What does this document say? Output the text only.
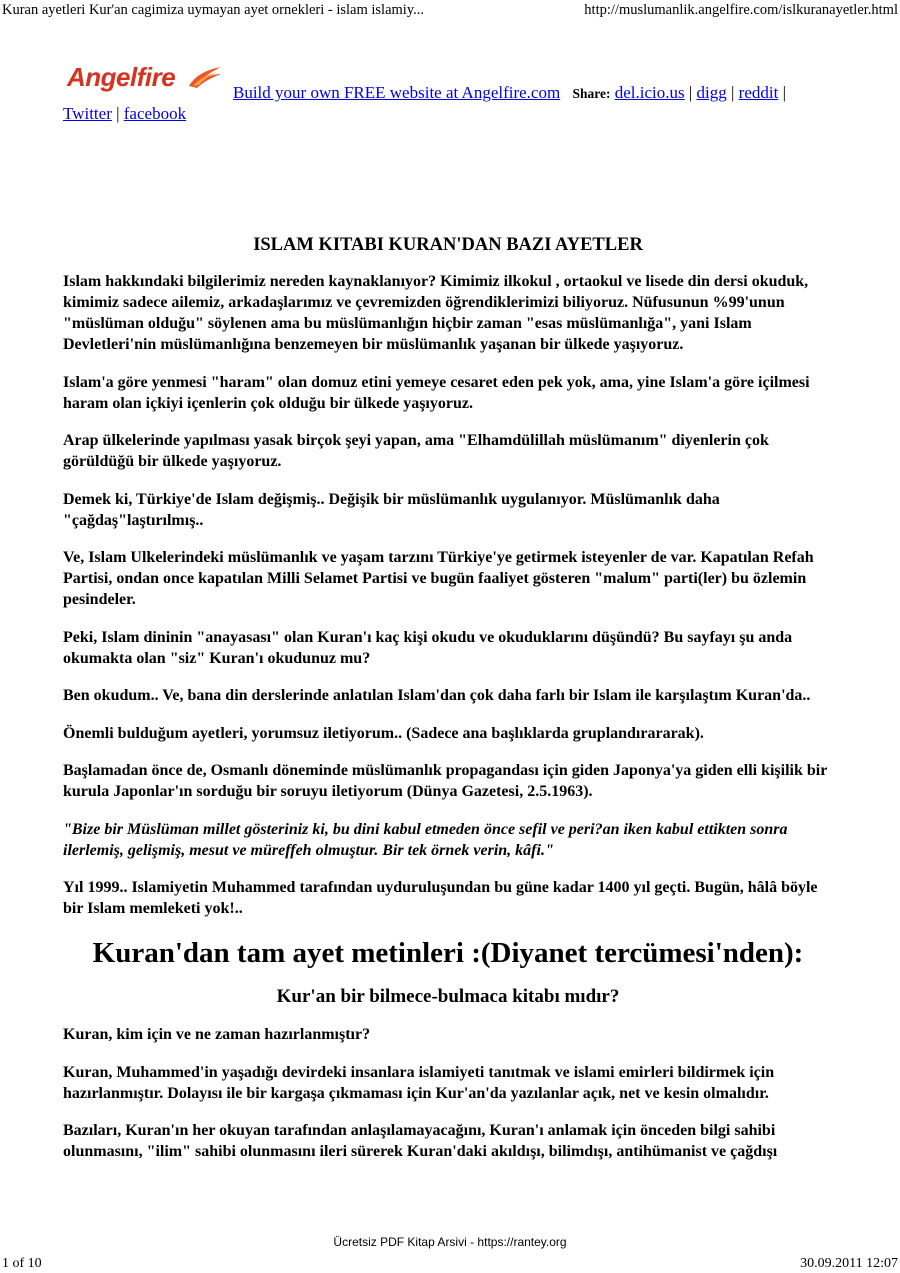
Kuran ayetleri Kur'an cagimiza uymayan ayet ornekleri - islam islamiy...	http://muslumanlik.angelfire.com/islkuranayetler.html
Angelfire
Build your own FREE website at Angelfire.com Share: del.icio.us | digg | reddit |
Twitter | facebook
ISLAM KITABI KURAN'DAN BAZI AYETLER

Islam hakkındaki bilgilerimiz nereden kaynaklanıyor? Kimimiz ilkokul , ortaokul ve lisede din dersi okuduk, kimimiz sadece ailemiz, arkadaşlarımız ve çevremizden öğrendiklerimizi biliyoruz. Nüfusunun %99'unun "müslüman olduğu" söylenen ama bu müslümanlığın hiçbir zaman "esas müslümanlığa", yani Islam Devletleri'nin müslümanlığına benzemeyen bir müslümanlık yaşanan bir ülkede yaşıyoruz.

Islam'a göre yenmesi "haram" olan domuz etini yemeye cesaret eden pek yok, ama, yine Islam'a göre içilmesi haram olan içkiyi içenlerin çok olduğu bir ülkede yaşıyoruz.

Arap ülkelerinde yapılması yasak birçok şeyi yapan, ama "Elhamdülillah müslümanım" diyenlerin çok görüldüğü bir ülkede yaşıyoruz.

Demek ki, Türkiye'de Islam değişmiş.. Değişik bir müslümanlık uygulanıyor. Müslümanlık daha "çağdaş"laştırılmış..

Ve, Islam Ulkelerindeki müslümanlık ve yaşam tarzını Türkiye'ye getirmek isteyenler de var. Kapatılan Refah Partisi, ondan once kapatılan Milli Selamet Partisi ve bugün faaliyet gösteren "malum" parti(ler) bu özlemin pesindeler.

Peki, Islam dininin "anayasası" olan Kuran'ı kaç kişi okudu ve okuduklarını düşündü? Bu sayfayı şu anda okumakta olan "siz" Kuran'ı okudunuz mu?

Ben okudum.. Ve, bana din derslerinde anlatılan Islam'dan çok daha farlı bir Islam ile karşılaştım Kuran'da..

Önemli bulduğum ayetleri, yorumsuz iletiyorum.. (Sadece ana başlıklarda gruplandırararak).

Başlamadan önce de, Osmanlı döneminde müslümanlık propagandası için giden Japonya'ya giden elli kişilik bir kurula Japonlar'ın sorduğu bir soruyu iletiyorum (Dünya Gazetesi, 2.5.1963).

"Bize bir Müslüman millet gösteriniz ki, bu dini kabul etmeden önce sefil ve peri?an iken kabul ettikten sonra ilerlemiş, gelişmiş, mesut ve müreffeh olmuştur. Bir tek örnek verin, kâfi."

Yıl 1999.. Islamiyetin Muhammed tarafından uyduruluşundan bu güne kadar 1400 yıl geçti. Bugün, hâlâ böyle bir Islam memleketi yok!..

Kuran'dan tam ayet metinleri :(Diyanet tercümesi'nden):
Kur'an bir bilmece-bulmaca kitabı mıdır?

Kuran, kim için ve ne zaman hazırlanmıştır?

Kuran, Muhammed'in yaşadığı devirdeki insanlara islamiyeti tanıtmak ve islami emirleri bildirmek için hazırlanmıştır. Dolayısı ile bir kargaşa çıkmaması için Kur'an'da yazılanlar açık, net ve kesin olmalıdır.

Bazıları, Kuran'ın her okuyan tarafından anlaşılamayacağını, Kuran'ı anlamak için önceden bilgi sahibi olunmasını, "ilim" sahibi olunmasını ileri sürerek Kuran'daki akıldışı, bilimdışı, antihümanist ve çağdışı

Ücretsiz PDF Kitap Arsivi - https://rantey.org
1 of 10	30.09.2011 12:07
